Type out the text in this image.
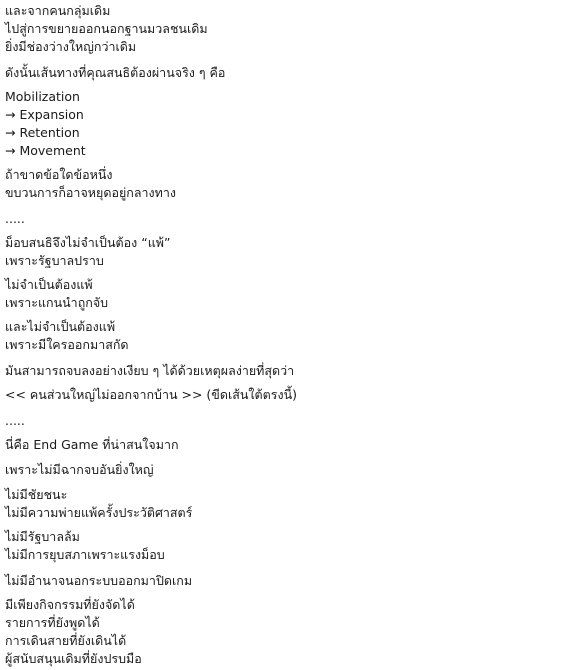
และจากคนกลุ่มเดิม
ไปสู่การขยายออกนอกฐานมวลชนเดิม
ยิ่งมีช่องว่างใหญ่กว่าเดิม
ดังนั้นเส้นทางที่คุณสนธิต้องผ่านจริง ๆ คือ
Mobilization
→ Expansion
→ Retention
→ Movement
ถ้าขาดข้อใดข้อหนึ่ง
ขบวนการก็อาจหยุดอยู่กลางทาง
.....
ม็อบสนธิจึงไม่จำเป็นต้อง “แพ้”
เพราะรัฐบาลปราบ
ไม่จำเป็นต้องแพ้
เพราะแกนนำถูกจับ
และไม่จำเป็นต้องแพ้
เพราะมีใครออกมาสกัด
มันสามารถจบลงอย่างเงียบ ๆ ได้ด้วยเหตุผลง่ายที่สุดว่า
<< คนส่วนใหญ่ไม่ออกจากบ้าน >> (ขีดเส้นใต้ตรงนี้)
.....
นี่คือ End Game ที่น่าสนใจมาก
เพราะไม่มีฉากจบอันยิ่งใหญ่
ไม่มีชัยชนะ
ไม่มีความพ่ายแพ้ครั้งประวัติศาสตร์
ไม่มีรัฐบาลล้ม
ไม่มีการยุบสภาเพราะแรงม็อบ
ไม่มีอำนาจนอกระบบออกมาปิดเกม
มีเพียงกิจกรรมที่ยังจัดได้
รายการที่ยังพูดได้
การเดินสายที่ยังเดินได้
ผู้สนับสนุนเดิมที่ยังปรบมือ
